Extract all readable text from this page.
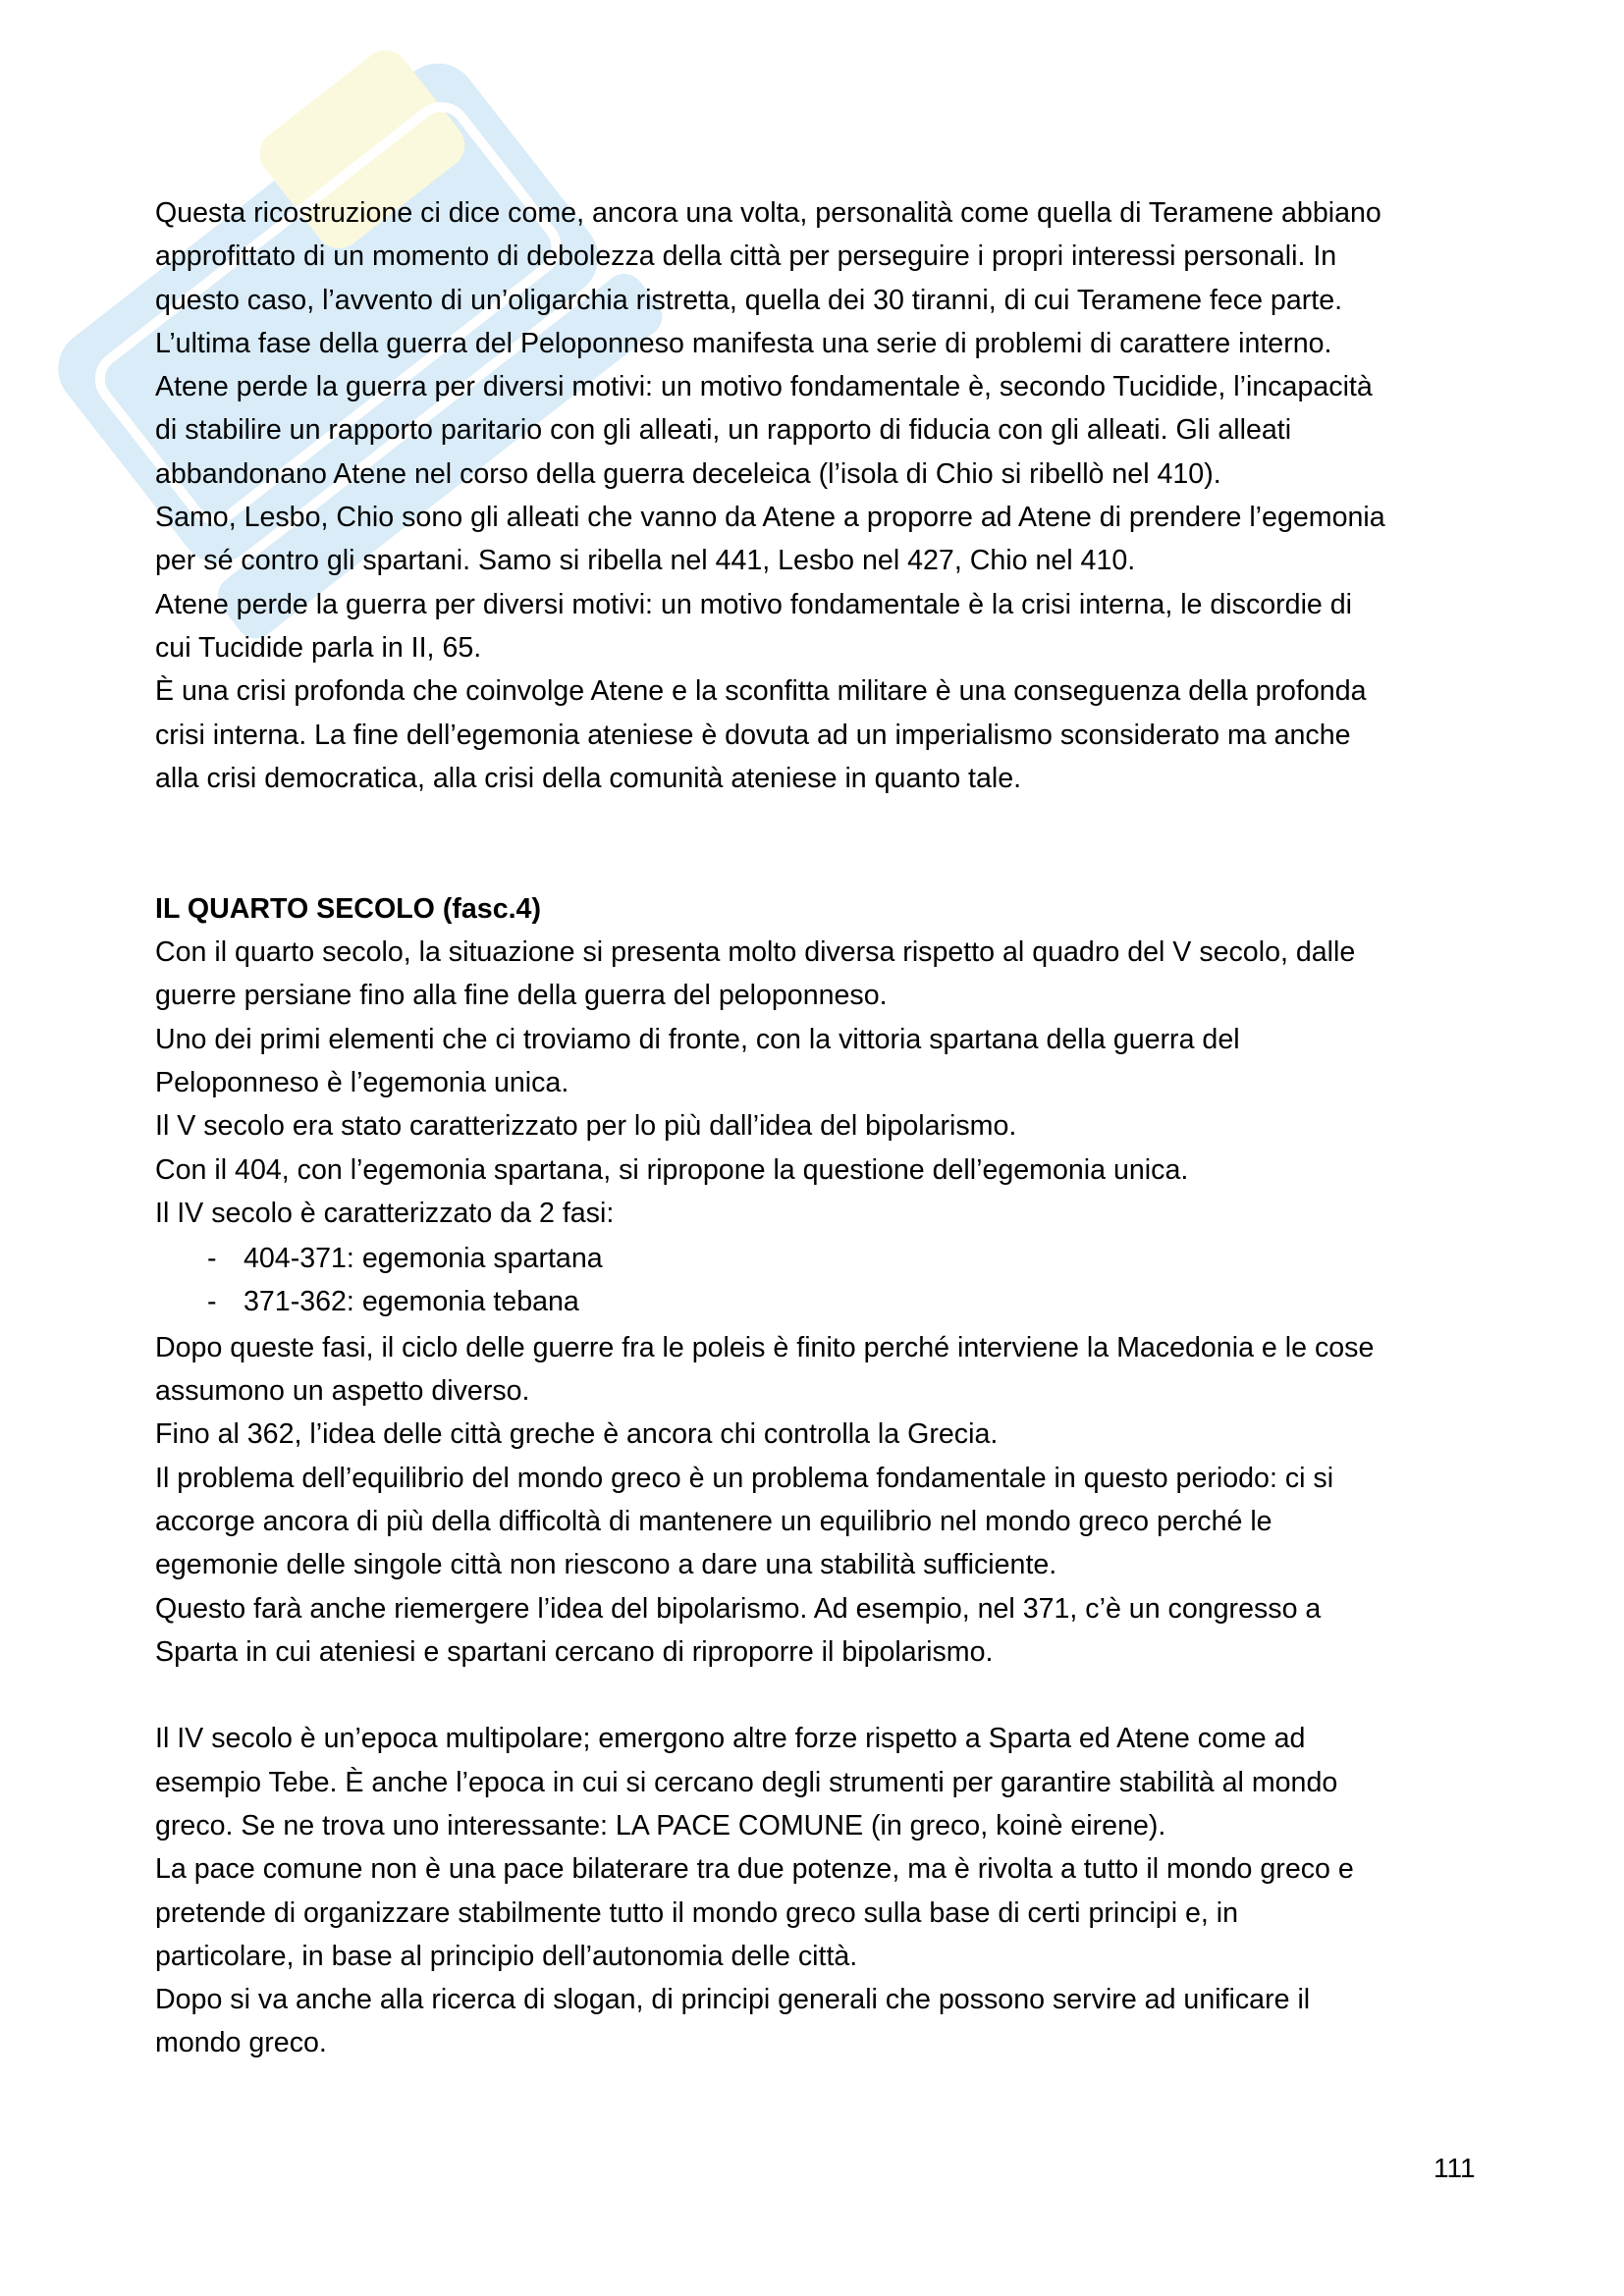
Questa ricostruzione ci dice come, ancora una volta, personalità come quella di Teramene abbiano
approfittato di un momento di debolezza della città per perseguire i propri interessi personali. In
questo caso, l’avvento di un’oligarchia ristretta, quella dei 30 tiranni, di cui Teramene fece parte.
L’ultima fase della guerra del Peloponneso manifesta una serie di problemi di carattere interno.
Atene perde la guerra per diversi motivi: un motivo fondamentale è, secondo Tucidide, l’incapacità
di stabilire un rapporto paritario con gli alleati, un rapporto di fiducia con gli alleati. Gli alleati
abbandonano Atene nel corso della guerra deceleica (l’isola di Chio si ribellò nel 410).
Samo, Lesbo, Chio sono gli alleati che vanno da Atene a proporre ad Atene di prendere l’egemonia
per sé contro gli spartani. Samo si ribella nel 441, Lesbo nel 427, Chio nel 410.
Atene perde la guerra per diversi motivi: un motivo fondamentale è la crisi interna, le discordie di
cui Tucidide parla in II, 65.
È una crisi profonda che coinvolge Atene e la sconfitta militare è una conseguenza della profonda
crisi interna. La fine dell’egemonia ateniese è dovuta ad un imperialismo sconsiderato ma anche
alla crisi democratica, alla crisi della comunità ateniese in quanto tale.
IL QUARTO SECOLO (fasc.4)
Con il quarto secolo, la situazione si presenta molto diversa rispetto al quadro del V secolo, dalle
guerre persiane fino alla fine della guerra del peloponneso.
Uno dei primi elementi che ci troviamo di fronte, con la vittoria spartana della guerra del
Peloponneso è l’egemonia unica.
Il V secolo era stato caratterizzato per lo più dall’idea del bipolarismo.
Con il 404, con l’egemonia spartana, si ripropone la questione dell’egemonia unica.
Il IV secolo è caratterizzato da 2 fasi:
- 404-371: egemonia spartana
- 371-362: egemonia tebana
Dopo queste fasi, il ciclo delle guerre fra le poleis è finito perché interviene la Macedonia e le cose
assumono un aspetto diverso.
Fino al 362, l’idea delle città greche è ancora chi controlla la Grecia.
Il problema dell’equilibrio del mondo greco è un problema fondamentale in questo periodo: ci si
accorge ancora di più della difficoltà di mantenere un equilibrio nel mondo greco perché le
egemonie delle singole città non riescono a dare una stabilità sufficiente.
Questo farà anche riemergere l’idea del bipolarismo. Ad esempio, nel 371, c’è un congresso a
Sparta in cui ateniesi e spartani cercano di riproporre il bipolarismo.
Il IV secolo è un’epoca multipolare; emergono altre forze rispetto a Sparta ed Atene come ad
esempio Tebe. È anche l’epoca in cui si cercano degli strumenti per garantire stabilità al mondo
greco. Se ne trova uno interessante: LA PACE COMUNE (in greco, koinè eirene).
La pace comune non è una pace bilaterare tra due potenze, ma è rivolta a tutto il mondo greco e
pretende di organizzare stabilmente tutto il mondo greco sulla base di certi principi e, in
particolare, in base al principio dell’autonomia delle città.
Dopo si va anche alla ricerca di slogan, di principi generali che possono servire ad unificare il
mondo greco.
111
